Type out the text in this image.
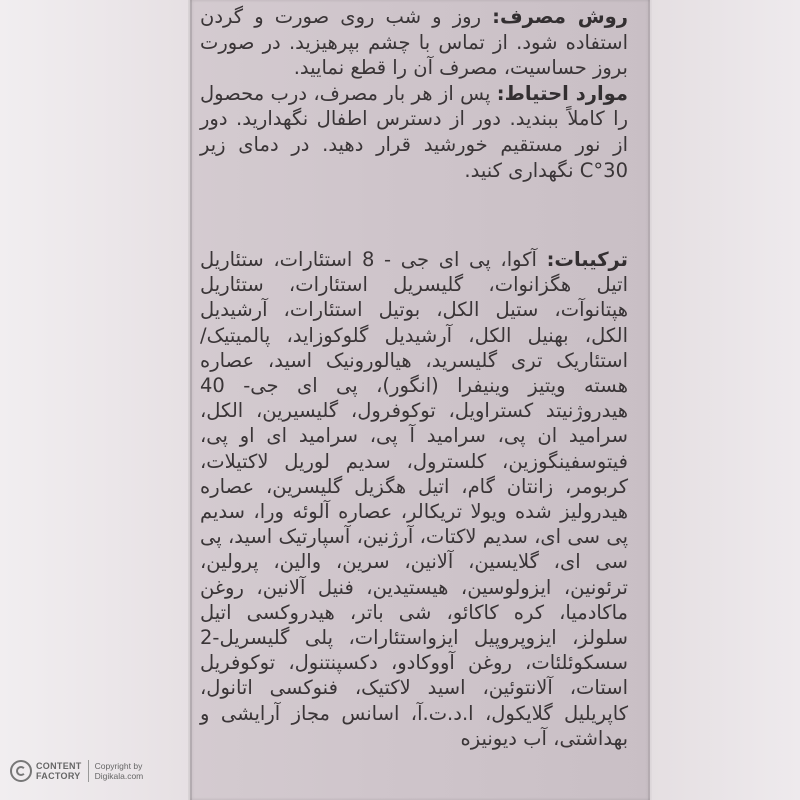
روش مصرف: روز و شب روی صورت و گردن استفاده شود. از تماس با چشم بپرهیزید. در صورت بروز حساسیت، مصرف آن را قطع نمایید.

موارد احتیاط: پس از هر بار مصرف، درب محصول را کاملاً ببندید. دور از دسترس اطفال نگهدارید. دور از نور مستقیم خورشید قرار دهید. در دمای زیر 30°C نگهداری کنید.

ترکیبات: آکوا، پی ای جی - 8 استئارات، ستئاریل اتیل هگزانوات، گلیسریل استئارات، ستئاریل هپتانوآت، ستیل الکل، بوتیل استئارات، آرشیدیل الکل، بهنیل الکل، آرشیدیل گلوکوزاید، پالمیتیک/ استئاریک تری گلیسرید، هیالورونیک اسید، عصاره هسته ویتیز وینیفرا (انگور)، پی ای جی- 40 هیدروژنیتد کستراویل، توکوفرول، گلیسیرین، الکل، سرامید ان پی، سرامید آ پی، سرامید ای او پی، فیتوسفینگوزین، کلسترول، سدیم لوریل لاکتیلات، کربومر، زانتان گام، اتیل هگزیل گلیسرین، عصاره هیدرولیز شده ویولا تریکالر، عصاره آلوئه ورا، سدیم پی سی ای، سدیم لاکتات، آرژنین، آسپارتیک اسید، پی سی ای، گلایسین، آلانین، سرین، والین، پرولین، ترئونین، ایزولوسین، هیستیدین، فنیل آلانین، روغن ماکادمیا، کره کاکائو، شی باتر، هیدروکسی اتیل سلولز، ایزوپروپیل ایزواستئارات، پلی گلیسریل-2 سسکوئلئات، روغن آووکادو، دکسپنتنول، توکوفریل استات، آلانتوئین، اسید لاکتیک، فنوکسی اتانول، کاپریلیل گلایکول، ا.د.ت.آ، اسانس مجاز آرایشی و بهداشتی، آب دیونیزه

CONTENT
FACTORY
Copyright by
Digikala.com
